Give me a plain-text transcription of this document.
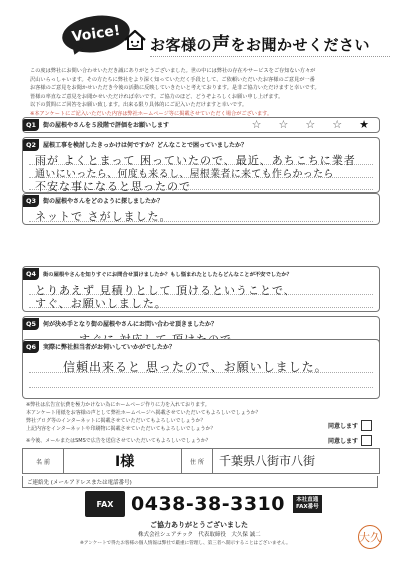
Voice! お客様の声をお聞かせください
この度は弊社にお問い合わせいただき誠にありがとうございました。世の中には弊社の存在やサービスをご存知ない方々が
沢山いらっしゃいます。その方たちに弊社をより深く知っていただく手段として、ご依頼いただいたお客様のご意見が一番
お客様のご意見をお聞かせいただき今後の活動に反映していきたいと考えております。是非ご協力いただけますと幸いです。
皆様の率直なご意見をお聞かせいただければ幸いです。ご協力のほど、どうぞよろしくお願い申し上げます。
以下の質問にご回答をお願い致します。出来る限り具体的にご記入いただけますと幸いです。
※本アンケートにご記入いただいた内容は弊社ホームページ等に掲載させていただく場合がございます。
Q1	街の屋根やさんを５段階で評価をお願いします	☆ ☆ ☆ ☆ ★
Q2	屋根工事を検討したきっかけは何ですか？どんなことで困っていましたか？
雨が よくとまって 困っていたので、最近、あちこちに業者
通いにいったら、何度も来るし、屋根業者に来ても作らかったら
不安な事になると思ったので
Q3	街の屋根やさんをどのように探しましたか？
ネットで さがしました。
Q4	街の屋根やさんを知りすぐにお問合せ頂けましたか？もし悩まれたとしたらどんなことが不安でしたか？
とりあえず 見積りとして 頂けるということで、
すぐ、お願いしました。
Q5	何が決め手となり街の屋根やさんにお問い合わせ頂きましたか？
Q6	実際に弊社担当者がお伺いしていかがでしたか？
信頼出来ると 思ったので、お願いしました。
※弊社は広告宣伝費を極力かけない為にホームページ作りに力を入れております。
本アンケート用紙をお客様の声として弊社ホームページへ掲載させていただいてもよろしいでしょうか？
弊社ブログ等のインターネットに掲載させていただいてもよろしいでしょうか？
上記内容をインターネットや印刷物に掲載させていただいてもよろしいでしょうか？
※今後、メールまたはSMSで広告を送信させていただいてもよろしいでしょうか？
同意します
同意します
名 前	I様	住 所	千葉県八街市八街
ご連絡先 (メールアドレスまたは電話番号)
FAX 0438-38-3310 本社直通
FAX番号
ご協力ありがとうございました
株式会社シェアテック　代表取締役　大久保 誠二
※アンケートで得たお客様の個人情報は弊社で厳重に管理し、第三者へ開示することはございません。	大久
